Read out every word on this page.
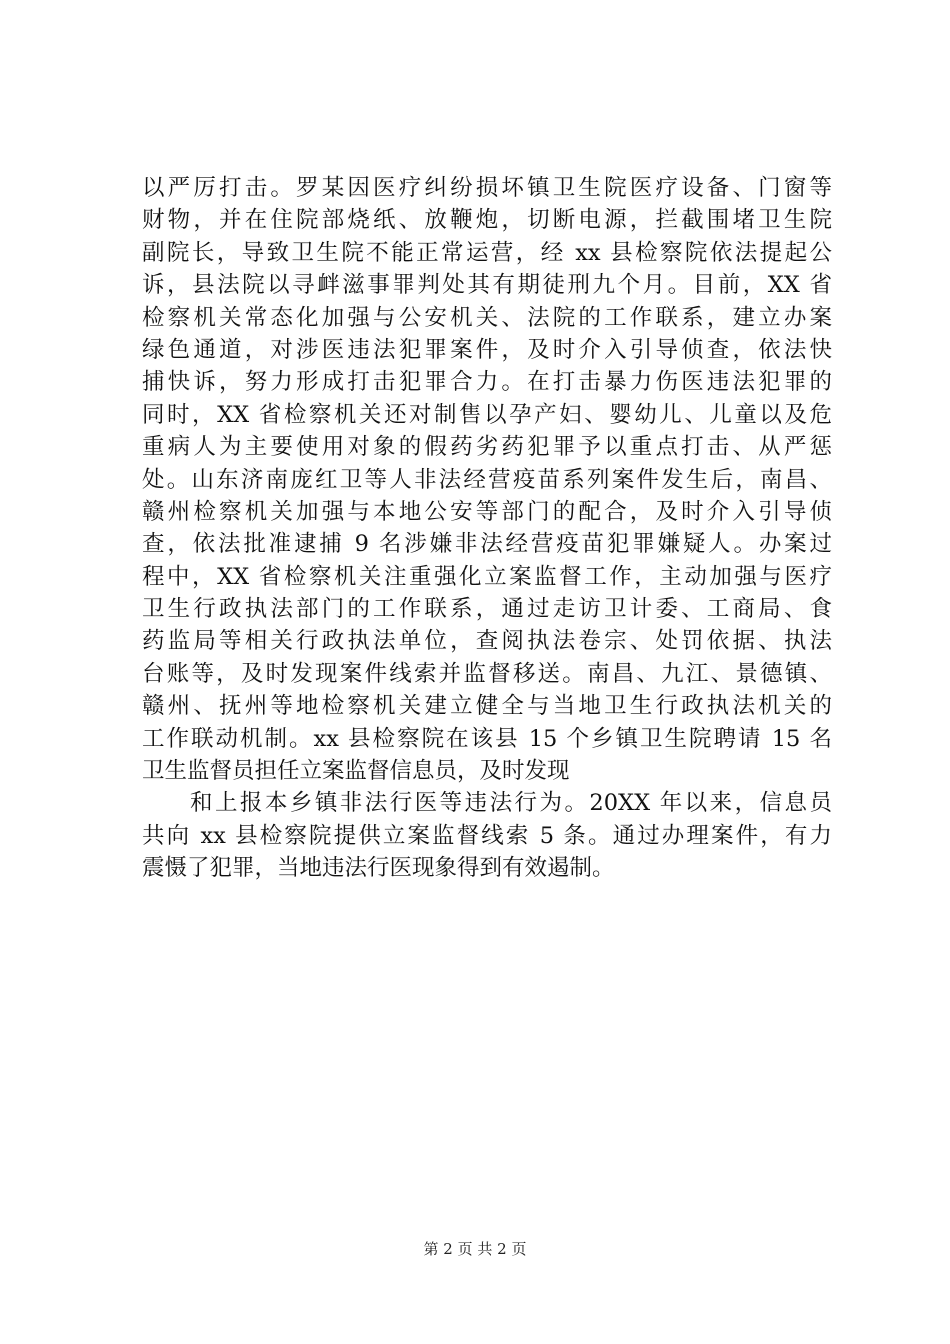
以严厉打击。罗某因医疗纠纷损坏镇卫生院医疗设备、门窗等
财物，并在住院部烧纸、放鞭炮，切断电源，拦截围堵卫生院
副院长，导致卫生院不能正常运营，经 xx 县检察院依法提起公
诉，县法院以寻衅滋事罪判处其有期徒刑九个月。目前，XX 省
检察机关常态化加强与公安机关、法院的工作联系，建立办案
绿色通道，对涉医违法犯罪案件，及时介入引导侦查，依法快
捕快诉，努力形成打击犯罪合力。在打击暴力伤医违法犯罪的
同时，XX 省检察机关还对制售以孕产妇、婴幼儿、儿童以及危
重病人为主要使用对象的假药劣药犯罪予以重点打击、从严惩
处。山东济南庞红卫等人非法经营疫苗系列案件发生后，南昌、
赣州检察机关加强与本地公安等部门的配合，及时介入引导侦
查，依法批准逮捕 9 名涉嫌非法经营疫苗犯罪嫌疑人。办案过
程中，XX 省检察机关注重强化立案监督工作，主动加强与医疗
卫生行政执法部门的工作联系，通过走访卫计委、工商局、食
药监局等相关行政执法单位，查阅执法卷宗、处罚依据、执法
台账等，及时发现案件线索并监督移送。南昌、九江、景德镇、
赣州、抚州等地检察机关建立健全与当地卫生行政执法机关的
工作联动机制。xx 县检察院在该县 15 个乡镇卫生院聘请 15 名
卫生监督员担任立案监督信息员，及时发现
和上报本乡镇非法行医等违法行为。20XX 年以来，信息员
共向 xx 县检察院提供立案监督线索 5 条。通过办理案件，有力
震慑了犯罪，当地违法行医现象得到有效遏制。
第 2 页 共 2 页
